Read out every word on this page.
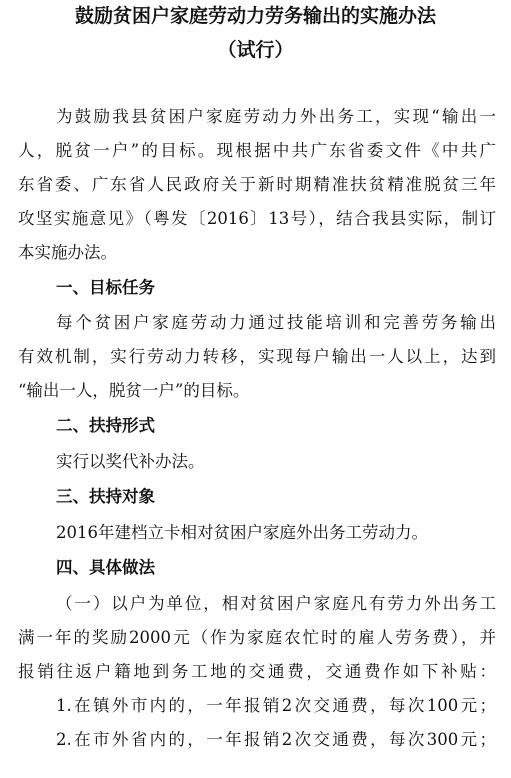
鼓励贫困户家庭劳动力劳务输出的实施办法
（试行）
为鼓励我县贫困户家庭劳动力外出务工，实现“输出一
人，脱贫一户”的目标。现根据中共广东省委文件《中共广
东省委、广东省人民政府关于新时期精准扶贫精准脱贫三年
攻坚实施意见》（粤发〔2016〕13号），结合我县实际，制订
本实施办法。
一、目标任务
每个贫困户家庭劳动力通过技能培训和完善劳务输出
有效机制，实行劳动力转移，实现每户输出一人以上，达到
“输出一人，脱贫一户”的目标。
二、扶持形式
实行以奖代补办法。
三、扶持对象
2016年建档立卡相对贫困户家庭外出务工劳动力。
四、具体做法
（一）以户为单位，相对贫困户家庭凡有劳力外出务工
满一年的奖励2000元（作为家庭农忙时的雇人劳务费），并
报销往返户籍地到务工地的交通费，交通费作如下补贴：
1.在镇外市内的，一年报销2次交通费，每次100元；
2.在市外省内的，一年报销2次交通费，每次300元；
